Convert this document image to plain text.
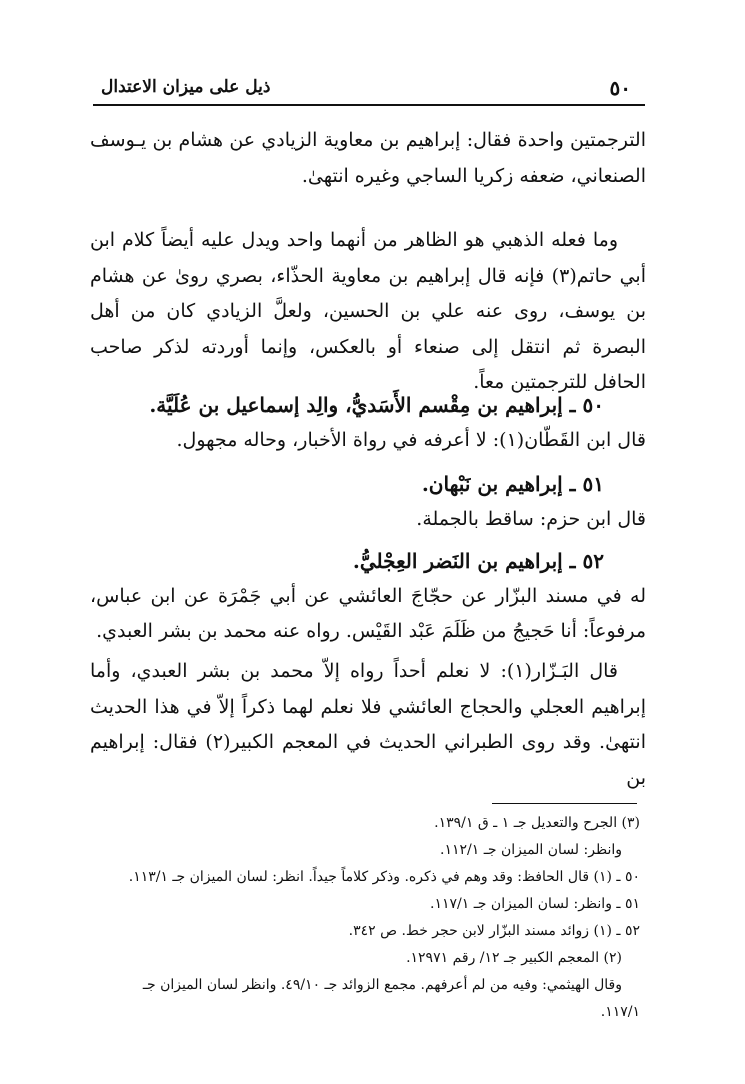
٥٠
ذيل على ميزان الاعتدال
الترجمتين واحدة فقال: إبراهيم بن معاوية الزيادي عن هشام بن يـوسف الصنعاني، ضعفه زكريا الساجي وغيره انتهىٰ.
وما فعله الذهبي هو الظاهر من أنهما واحد ويدل عليه أيضاً كلام ابن أبي حاتم(٣) فإنه قال إبراهيم بن معاوية الحذّاء، بصري روىٰ عن هشام بن يوسف، روى عنه علي بن الحسين، ولعلَّ الزيادي كان من أهل البصرة ثم انتقل إلى صنعاء أو بالعكس، وإنما أوردته لذكر صاحب الحافل للترجمتين معاً.
٥٠ ـ إبراهيم بن مِقْسم الأَسَديُّ، والِد إسماعيل بن عُلَيَّة.
قال ابن القَطّان(١): لا أعرفه في رواة الأخبار، وحاله مجهول.
٥١ ـ إبراهيم بن نَبْهان.
قال ابن حزم: ساقط بالجملة.
٥٢ ـ إبراهيم بن النَضر العِجْليُّ.
له في مسند البزّار عن حجّاجَ العائشي عن أبي جَمْرَة عن ابن عباس، مرفوعاً: أنا حَجيجُ من ظَلَمَ عَبْد القَيْس. رواه عنه محمد بن بشر العبدي.
قال البَـزّار(١): لا نعلم أحداً رواه إلاّ محمد بن بشر العبدي، وأما إبراهيم العجلي والحجاج العائشي فلا نعلم لهما ذكراً إلاّ في هذا الحديث انتهىٰ. وقد روى الطبراني الحديث في المعجم الكبير(٢) فقال: إبراهيم بن
(٣) الجرح والتعديل جـ ١ ـ ق ١٣٩/١.
وانظر: لسان الميزان جـ ١١٢/١.
٥٠ ـ (١) قال الحافظ: وقد وهم في ذكره. وذكر كلاماً جيداً. انظر: لسان الميزان جـ ١١٣/١.
٥١ ـ وانظر: لسان الميزان جـ ١١٧/١.
٥٢ ـ (١) زوائد مسند البزّار لابن حجر خط. ص ٣٤٢.
(٢) المعجم الكبير جـ ١٢/ رقم ١٢٩٧١.
وقال الهيثمي: وفيه من لم أعرفهم. مجمع الزوائد جـ ٤٩/١٠. وانظر لسان الميزان جـ
١١٧/١.
